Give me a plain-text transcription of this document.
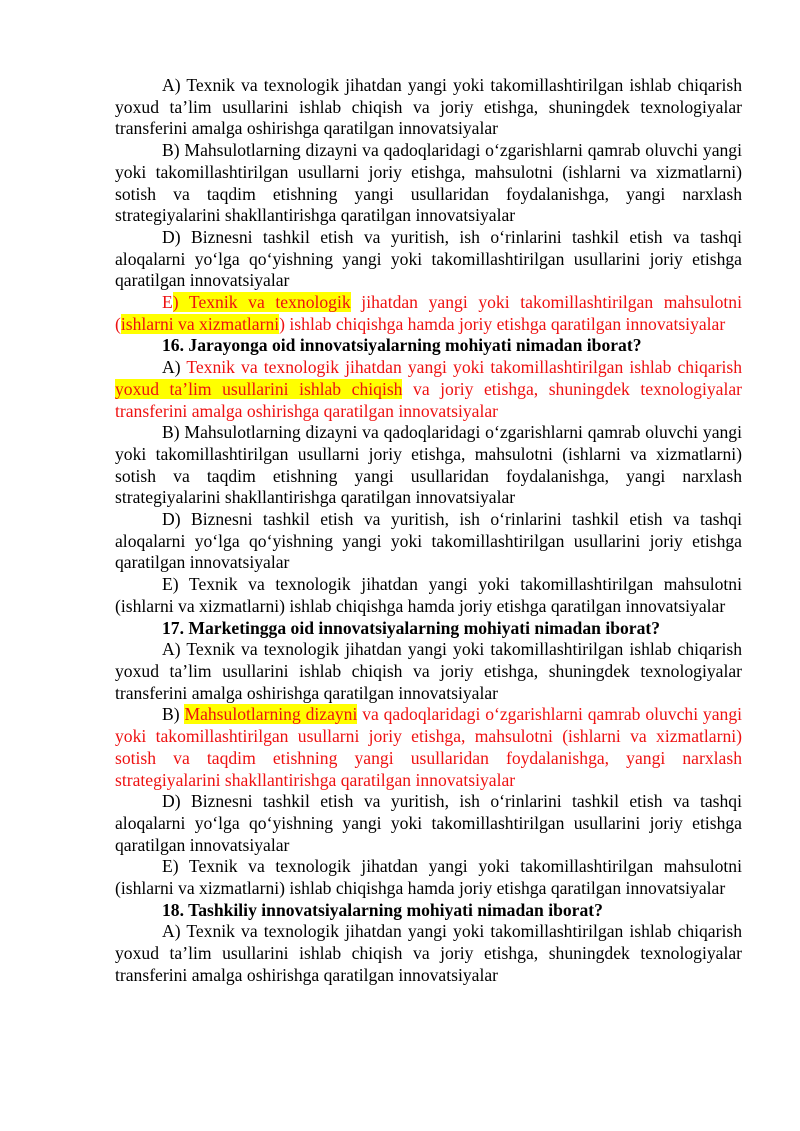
A) Texnik va texnologik jihatdan yangi yoki takomillashtirilgan ishlab chiqarish yoxud ta’lim usullarini ishlab chiqish va joriy etishga, shuningdek texnologiyalar transferini amalga oshirishga qaratilgan innovatsiyalar

B) Mahsulotlarning dizayni va qadoqlaridagi o‘zgarishlarni qamrab oluvchi yangi yoki takomillashtirilgan usullarni joriy etishga, mahsulotni (ishlarni va xizmatlarni) sotish va taqdim etishning yangi usullaridan foydalanishga, yangi narxlash strategiyalarini shakllantirishga qaratilgan innovatsiyalar

D) Biznesni tashkil etish va yuritish, ish o‘rinlarini tashkil etish va tashqi aloqalarni yo‘lga qo‘yishning yangi yoki takomillashtirilgan usullarini joriy etishga qaratilgan innovatsiyalar

E) Texnik va texnologik jihatdan yangi yoki takomillashtirilgan mahsulotni (ishlarni va xizmatlarni) ishlab chiqishga hamda joriy etishga qaratilgan innovatsiyalar

16. Jarayonga oid innovatsiyalarning mohiyati nimadan iborat?

A) Texnik va texnologik jihatdan yangi yoki takomillashtirilgan ishlab chiqarish yoxud ta’lim usullarini ishlab chiqish va joriy etishga, shuningdek texnologiyalar transferini amalga oshirishga qaratilgan innovatsiyalar

B) Mahsulotlarning dizayni va qadoqlaridagi o‘zgarishlarni qamrab oluvchi yangi yoki takomillashtirilgan usullarni joriy etishga, mahsulotni (ishlarni va xizmatlarni) sotish va taqdim etishning yangi usullaridan foydalanishga, yangi narxlash strategiyalarini shakllantirishga qaratilgan innovatsiyalar

D) Biznesni tashkil etish va yuritish, ish o‘rinlarini tashkil etish va tashqi aloqalarni yo‘lga qo‘yishning yangi yoki takomillashtirilgan usullarini joriy etishga qaratilgan innovatsiyalar

E) Texnik va texnologik jihatdan yangi yoki takomillashtirilgan mahsulotni (ishlarni va xizmatlarni) ishlab chiqishga hamda joriy etishga qaratilgan innovatsiyalar

17. Marketingga oid innovatsiyalarning mohiyati nimadan iborat?

A) Texnik va texnologik jihatdan yangi yoki takomillashtirilgan ishlab chiqarish yoxud ta’lim usullarini ishlab chiqish va joriy etishga, shuningdek texnologiyalar transferini amalga oshirishga qaratilgan innovatsiyalar

B) Mahsulotlarning dizayni va qadoqlaridagi o‘zgarishlarni qamrab oluvchi yangi yoki takomillashtirilgan usullarni joriy etishga, mahsulotni (ishlarni va xizmatlarni) sotish va taqdim etishning yangi usullaridan foydalanishga, yangi narxlash strategiyalarini shakllantirishga qaratilgan innovatsiyalar

D) Biznesni tashkil etish va yuritish, ish o‘rinlarini tashkil etish va tashqi aloqalarni yo‘lga qo‘yishning yangi yoki takomillashtirilgan usullarini joriy etishga qaratilgan innovatsiyalar

E) Texnik va texnologik jihatdan yangi yoki takomillashtirilgan mahsulotni (ishlarni va xizmatlarni) ishlab chiqishga hamda joriy etishga qaratilgan innovatsiyalar

18. Tashkiliy innovatsiyalarning mohiyati nimadan iborat?

A) Texnik va texnologik jihatdan yangi yoki takomillashtirilgan ishlab chiqarish yoxud ta’lim usullarini ishlab chiqish va joriy etishga, shuningdek texnologiyalar transferini amalga oshirishga qaratilgan innovatsiyalar
